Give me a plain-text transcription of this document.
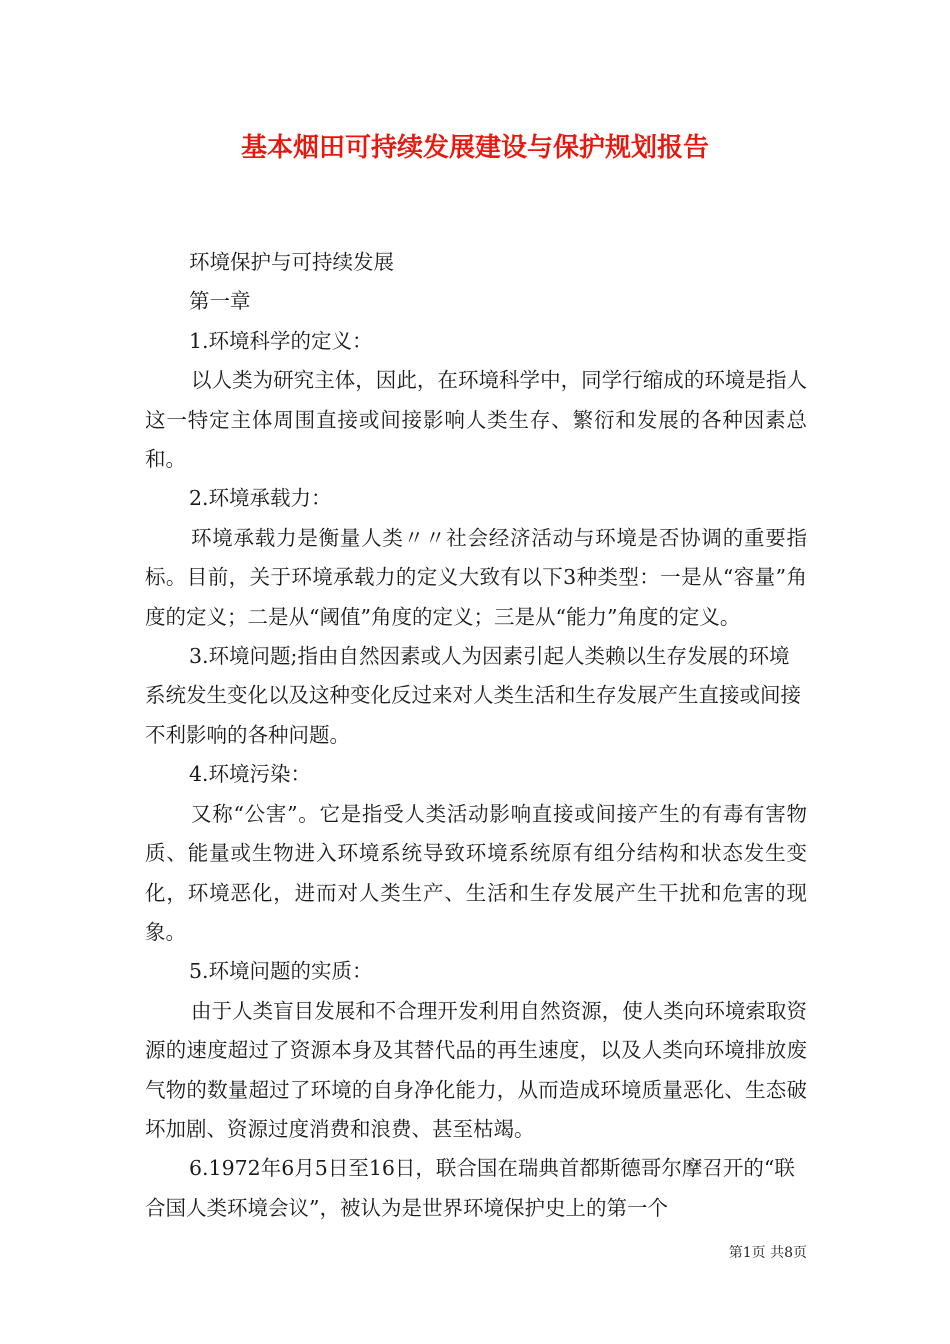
基本烟田可持续发展建设与保护规划报告

环境保护与可持续发展

第一章

1.环境科学的定义：

以人类为研究主体，因此，在环境科学中，同学行缩成的环境是指人这一特定主体周围直接或间接影响人类生存、繁衍和发展的各种因素总和。

2.环境承载力：

环境承载力是衡量人类〃〃社会经济活动与环境是否协调的重要指标。目前，关于环境承载力的定义大致有以下3种类型：一是从“容量”角度的定义；二是从“阈值”角度的定义；三是从“能力”角度的定义。

3.环境问题;指由自然因素或人为因素引起人类赖以生存发展的环境系统发生变化以及这种变化反过来对人类生活和生存发展产生直接或间接不利影响的各种问题。

4.环境污染：

又称“公害”。它是指受人类活动影响直接或间接产生的有毒有害物质、能量或生物进入环境系统导致环境系统原有组分结构和状态发生变化，环境恶化，进而对人类生产、生活和生存发展产生干扰和危害的现象。

5.环境问题的实质：

由于人类盲目发展和不合理开发利用自然资源，使人类向环境索取资源的速度超过了资源本身及其替代品的再生速度，以及人类向环境排放废气物的数量超过了环境的自身净化能力，从而造成环境质量恶化、生态破坏加剧、资源过度消费和浪费、甚至枯竭。

6.1972年6月5日至16日，联合国在瑞典首都斯德哥尔摩召开的“联合国人类环境会议”，被认为是世界环境保护史上的第一个

第1页 共8页
